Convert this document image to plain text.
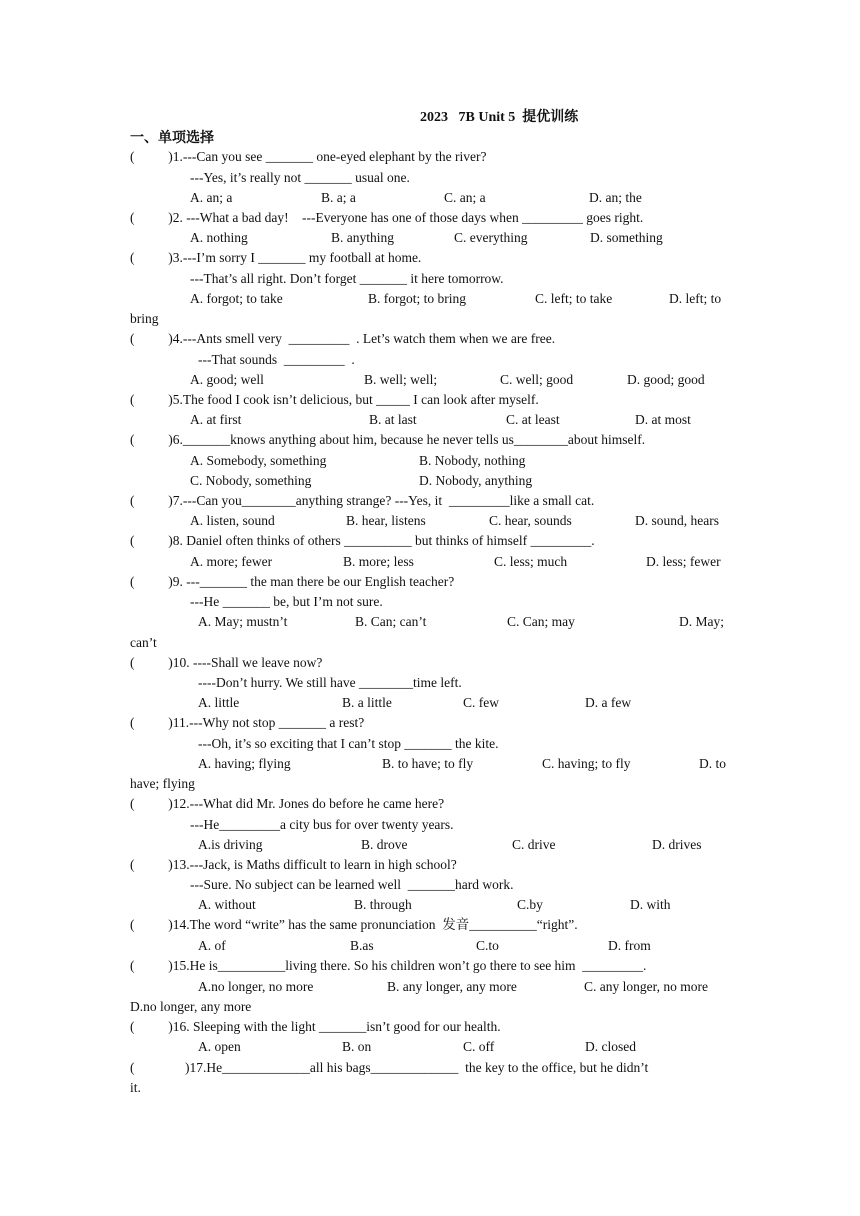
2023   7B Unit 5  提优训练
一、单项选择
(          )1.---Can you see _______ one-eyed elephant by the river?
---Yes, it’s really not _______ usual one.
A. an; a	B. a; a	C. an; a	D. an; the
(          )2. ---What a bad day!    ---Everyone has one of those days when _________ goes right.
A. nothing	B. anything	C. everything	D. something
(          )3.---I’m sorry I _______ my football at home.
---That’s all right. Don’t forget _______ it here tomorrow.
A. forgot; to take	B. forgot; to bring	C. left; to take	D. left; to
bring
(          )4.---Ants smell very  _________  . Let’s watch them when we are free.
---That sounds  _________  .
A. good; well	B. well; well;	C. well; good	D. good; good
(          )5.The food I cook isn’t delicious, but _____ I can look after myself.
A. at first	B. at last	C. at least	D. at most
(          )6._______knows anything about him, because he never tells us________about himself.
A. Somebody, something	B. Nobody, nothing
C. Nobody, something	D. Nobody, anything
(          )7.---Can you________anything strange? ---Yes, it  _________like a small cat.
A. listen, sound	B. hear, listens	C. hear, sounds	D. sound, hears
(          )8. Daniel often thinks of others __________ but thinks of himself _________.
A. more; fewer	B. more; less	C. less; much	D. less; fewer
(          )9. ---_______ the man there be our English teacher?
---He _______ be, but I’m not sure.
A. May; mustn’t	B. Can; can’t	C. Can; may	D. May;
can’t
(          )10. ----Shall we leave now?
----Don’t hurry. We still have ________time left.
A. little	B. a little	C. few	D. a few
(          )11.---Why not stop _______ a rest?
---Oh, it’s so exciting that I can’t stop _______ the kite.
A. having; flying	B. to have; to fly	C. having; to fly	D. to
have; flying
(          )12.---What did Mr. Jones do before he came here?
---He_________a city bus for over twenty years.
A.is driving	B. drove	C. drive	D. drives
(          )13.---Jack, is Maths difficult to learn in high school?
---Sure. No subject can be learned well  _______hard work.
A. without	B. through	C.by	D. with
(          )14.The word “write” has the same pronunciation  发音__________“right”.
A. of	B.as	C.to	D. from
(          )15.He is__________living there. So his children won’t go there to see him  _________.
A.no longer, no more	B. any longer, any more	C. any longer, no more
D.no longer, any more
(          )16. Sleeping with the light _______isn’t good for our health.
A. open	B. on	C. off	D. closed
(	)17.He_____________all his bags_____________  the key to the office, but he didn’t
it.
